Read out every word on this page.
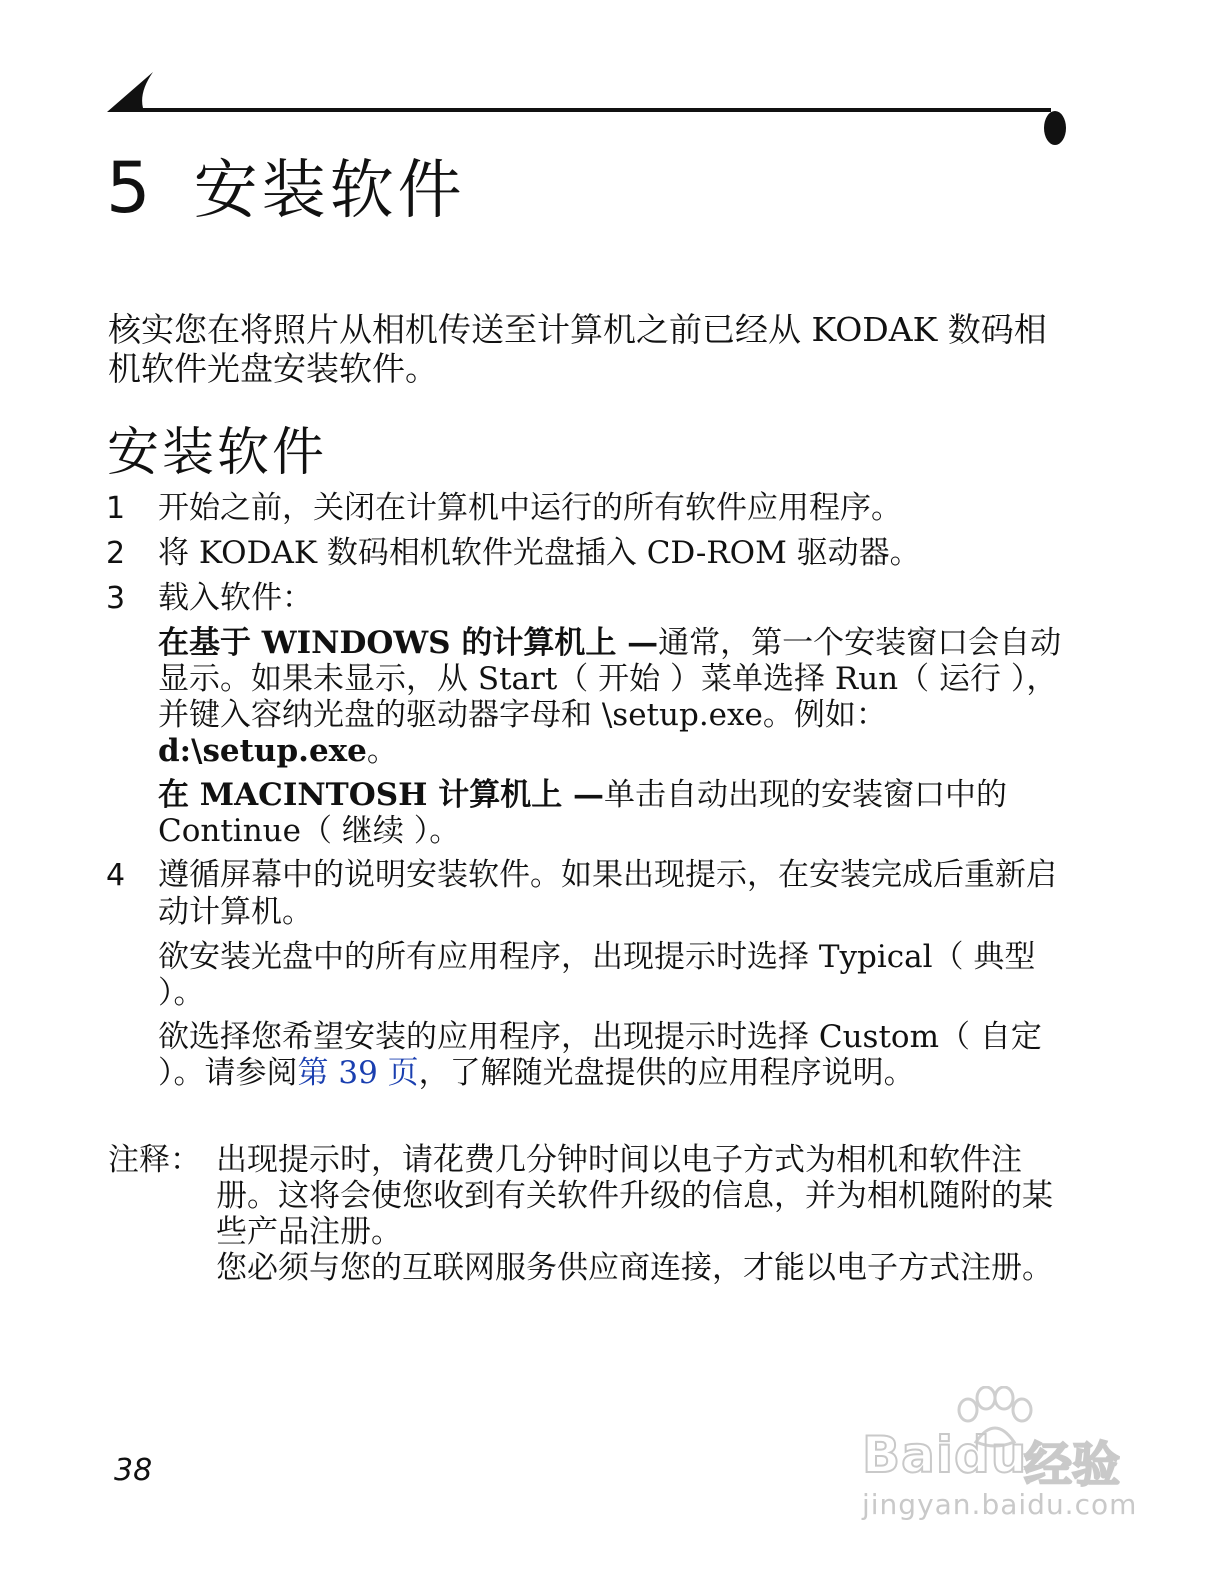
5 安装软件

核实您在将照片从相机传送至计算机之前已经从 KODAK 数码相机软件光盘安装软件。

安装软件
1 开始之前，关闭在计算机中运行的所有软件应用程序。
2 将 KODAK 数码相机软件光盘插入 CD-ROM 驱动器。
3 载入软件：
在基于 WINDOWS 的计算机上 —通常，第一个安装窗口会自动显示。如果未显示，从 Start（ 开始 ）菜单选择 Run（ 运行 ），并键入容纳光盘的驱动器字母和 \setup.exe。例如：d:\setup.exe。
在 MACINTOSH 计算机上 —单击自动出现的安装窗口中的 Continue（ 继续 ）。
4 遵循屏幕中的说明安装软件。如果出现提示，在安装完成后重新启动计算机。
欲安装光盘中的所有应用程序，出现提示时选择 Typical（ 典型 ）。
欲选择您希望安装的应用程序，出现提示时选择 Custom（ 自定 ）。请参阅第 39 页，了解随光盘提供的应用程序说明。
注释： 出现提示时，请花费几分钟时间以电子方式为相机和软件注册。这将会使您收到有关软件升级的信息，并为相机随附的某些产品注册。
您必须与您的互联网服务供应商连接，才能以电子方式注册。
38	Baidu
经验
jingyan.baidu.com
